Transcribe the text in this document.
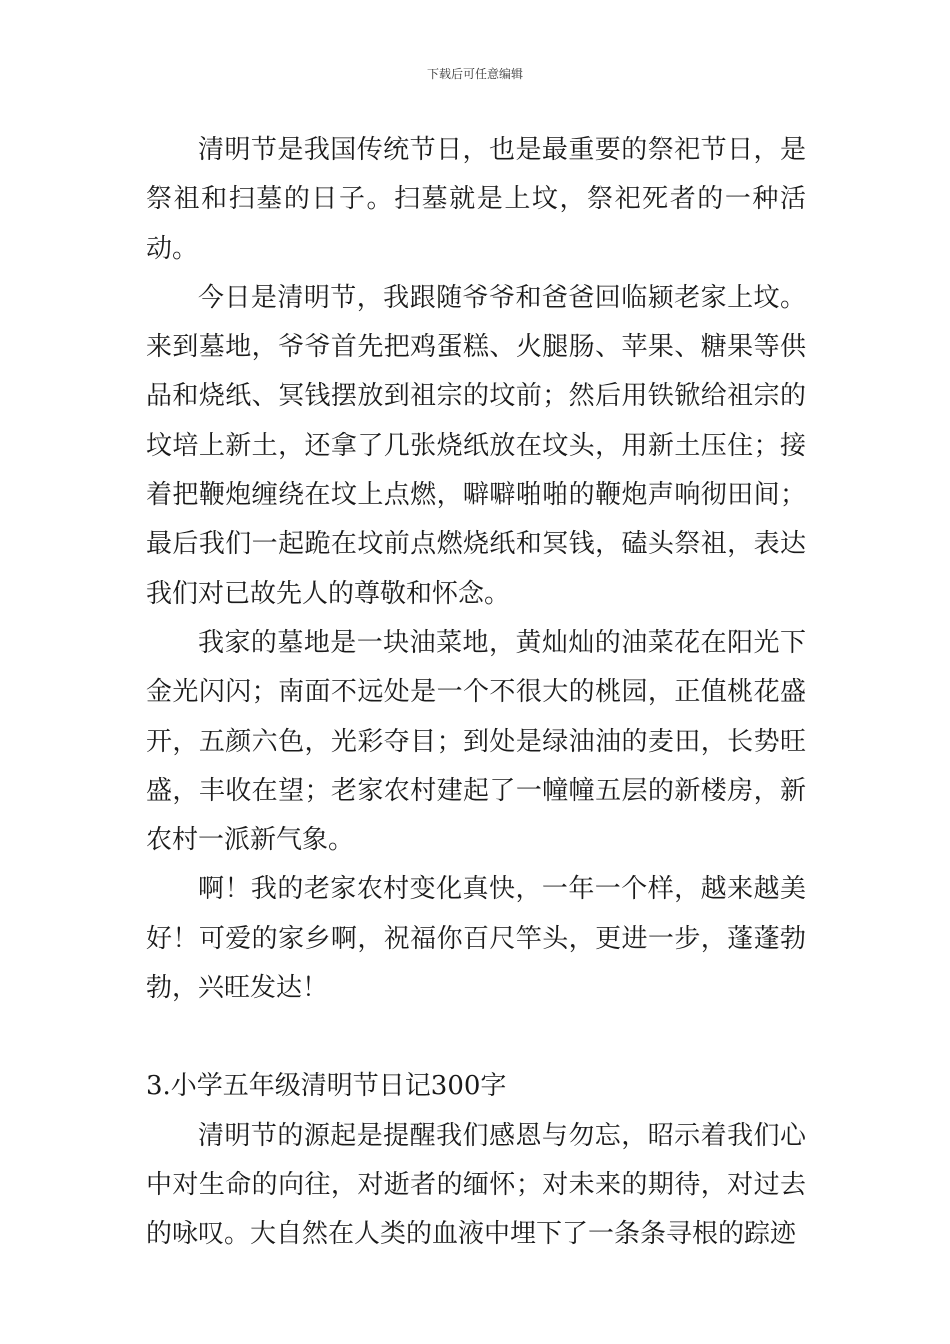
下载后可任意编辑

清明节是我国传统节日，也是最重要的祭祀节日，是祭祖和扫墓的日子。扫墓就是上坟，祭祀死者的一种活动。

今日是清明节，我跟随爷爷和爸爸回临颍老家上坟。来到墓地，爷爷首先把鸡蛋糕、火腿肠、苹果、糖果等供品和烧纸、冥钱摆放到祖宗的坟前；然后用铁锨给祖宗的坟培上新土，还拿了几张烧纸放在坟头，用新土压住；接着把鞭炮缠绕在坟上点燃，噼噼啪啪的鞭炮声响彻田间；最后我们一起跪在坟前点燃烧纸和冥钱，磕头祭祖，表达我们对已故先人的尊敬和怀念。

我家的墓地是一块油菜地，黄灿灿的油菜花在阳光下金光闪闪；南面不远处是一个不很大的桃园，正值桃花盛开，五颜六色，光彩夺目；到处是绿油油的麦田，长势旺盛，丰收在望；老家农村建起了一幢幢五层的新楼房，新农村一派新气象。

啊！我的老家农村变化真快，一年一个样，越来越美好！可爱的家乡啊，祝福你百尺竿头，更进一步，蓬蓬勃勃，兴旺发达！

3.小学五年级清明节日记300字

清明节的源起是提醒我们感恩与勿忘，昭示着我们心中对生命的向往，对逝者的缅怀；对未来的期待，对过去的咏叹。大自然在人类的血液中埋下了一条条寻根的踪迹
